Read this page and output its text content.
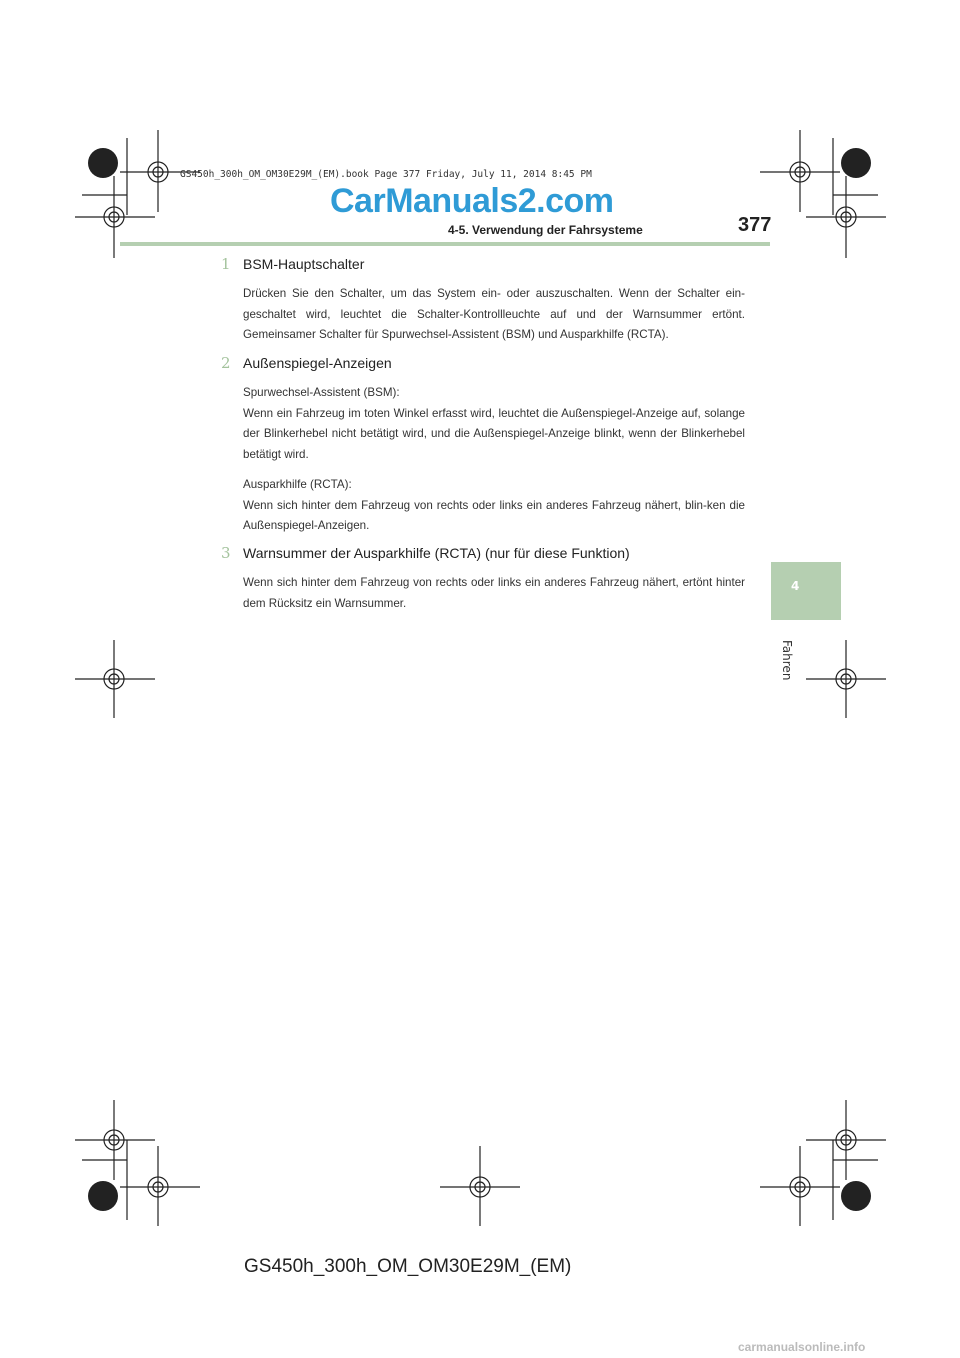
GS450h_300h_OM_OM30E29M_(EM).book Page 377 Friday, July 11, 2014 8:45 PM
CarManuals2.com
4-5. Verwendung der Fahrsysteme	377
4
Fahren
1 BSM-Hauptschalter

Drücken Sie den Schalter, um das System ein- oder auszuschalten. Wenn der Schalter ein-geschaltet wird, leuchtet die Schalter-Kontrollleuchte auf und der Warnsummer ertönt. Gemeinsamer Schalter für Spurwechsel-Assistent (BSM) und Ausparkhilfe (RCTA).

2 Außenspiegel-Anzeigen

Spurwechsel-Assistent (BSM):

Wenn ein Fahrzeug im toten Winkel erfasst wird, leuchtet die Außenspiegel-Anzeige auf, solange der Blinkerhebel nicht betätigt wird, und die Außenspiegel-Anzeige blinkt, wenn der Blinkerhebel betätigt wird.

Ausparkhilfe (RCTA):

Wenn sich hinter dem Fahrzeug von rechts oder links ein anderes Fahrzeug nähert, blin-ken die Außenspiegel-Anzeigen.

3 Warnsummer der Ausparkhilfe (RCTA) (nur für diese Funktion)

Wenn sich hinter dem Fahrzeug von rechts oder links ein anderes Fahrzeug nähert, ertönt hinter dem Rücksitz ein Warnsummer.

GS450h_300h_OM_OM30E29M_(EM)
carmanualsonline.info
